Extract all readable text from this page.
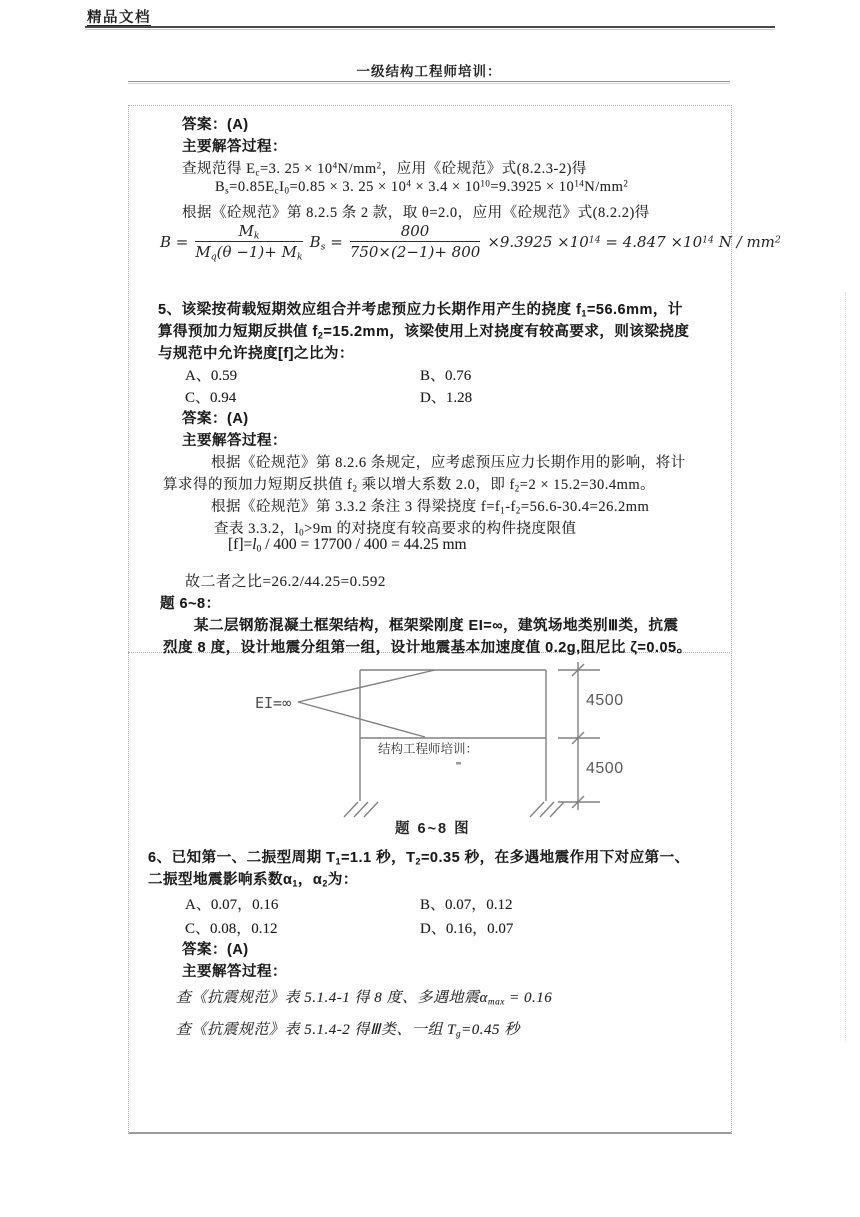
精品文档
一级结构工程师培训：
答案：(A)
主要解答过程：
查规范得 $E_c=3$. $25 \times 10^4N/mm^2$，应用《砼规范》式(8.2.3-2)得
$B_s=0.85E_cI_0=0.85 \times 3$. $25 \times 10^4 \times 3.4 \times 10^{10}=9.3925 \times 10^{14}N/mm^2$
根据《砼规范》第 8.2.5 条 2 款，取 θ=2.0，应用《砼规范》式(8.2.2)得
$B = \frac{M_k}{M_q(\theta -1)+ M_k} B_s = \frac{800}{750\times(2-1)+ 800} \times 9.3925 \times 10^{14} = 4.847 \times 10^{14}$ N / $mm^2$
5、该梁按荷载短期效应组合并考虑预应力长期作用产生的挠度 $f_1=56.6mm$，计
算得预加力短期反拱值 $f_2=15.2mm$，该梁使用上对挠度有较高要求，则该梁挠度
与规范中允许挠度[f]之比为：
A、0.59	B、0.76
C、0.94	D、1.28
答案：(A)
主要解答过程：
根据《砼规范》第 8.2.6 条规定，应考虑预压应力长期作用的影响，将计
算求得的预加力短期反拱值 $f_2$ 乘以增大系数 2.0，即 $f_2=2 \times 15.2=30.4mm$。
根据《砼规范》第 3.3.2 条注 3 得梁挠度 $f=f_1-f_2=56.6-30.4=26.2mm$
查表 3.3.2，$l_0>9m$ 的对挠度有较高要求的构件挠度限值
$[f]=l_0 / 400 = 17700 / 400 = 44.25$ mm
故二者之比=26.2/44.25=0.592
题 6~8：
某二层钢筋混凝土框架结构，框架梁刚度 EI=∞，建筑场地类别Ⅲ类，抗震
烈度 8 度，设计地震分组第一组，设计地震基本加速度值 0.2g,阻尼比 ζ=0.05。
EI=∞	4500
4500
结构工程师培训：
题 6~8 图
6、已知第一、二振型周期 $T_1=1.1$ 秒，$T_2=0.35$ 秒，在多遇地震作用下对应第一、
二振型地震影响系数$\alpha_1$，$\alpha_2$为：
A、0.07，0.16	B、0.07，0.12
C、0.08，0.12	D、0.16，0.07
答案：(A)
主要解答过程：
查《抗震规范》表 5.1.4-1 得 8 度、多遇地震$\alpha_{max} = 0.16$
查《抗震规范》表 5.1.4-2 得Ⅲ类、一组 $T_g=0.45$ 秒
